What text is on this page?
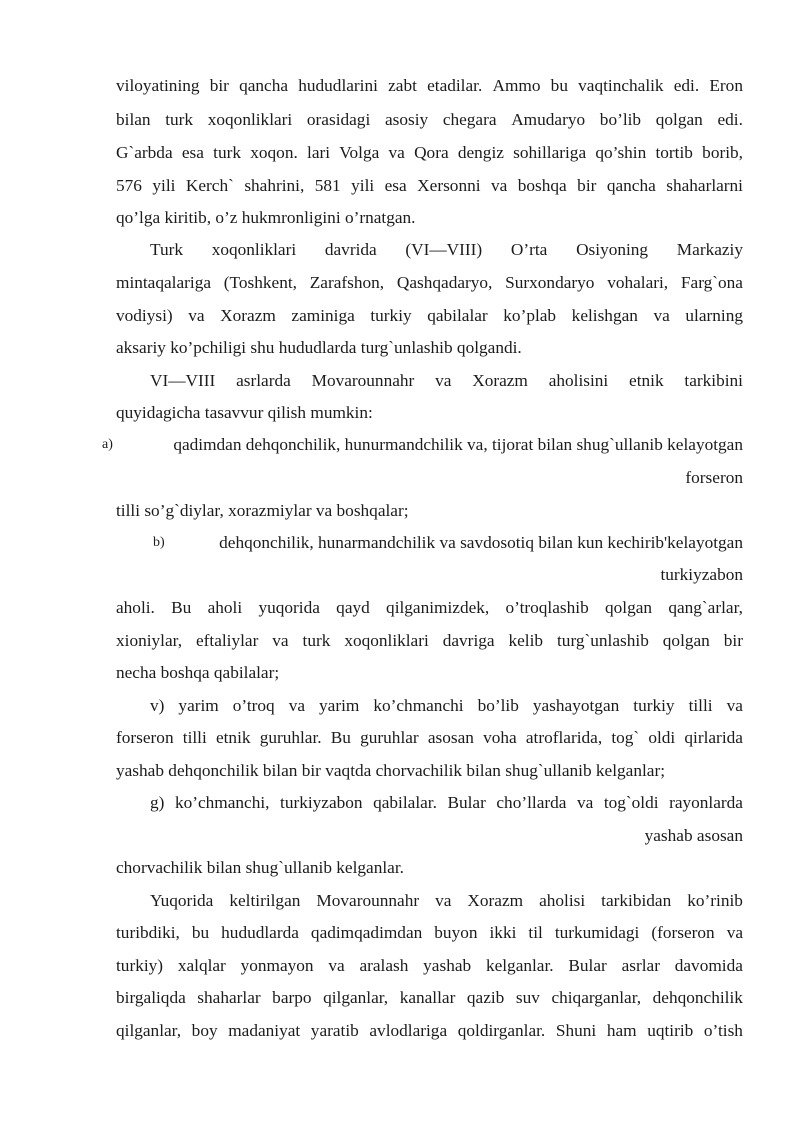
viloyatining bir qancha hududlarini zabt etadilar. Ammo bu vaqtinchalik edi. Eron
bilan turk xoqonliklari orasidagi asosiy chegara Amudaryo bo’lib qolgan edi.
G`arbda esa turk xoqon. lari Volga va Qora dengiz sohillariga qo’shin tortib borib,
576 yili Kerch` shahrini, 581 yili esa Xersonni va boshqa bir qancha shaharlarni
qo’lga kiritib, o’z hukmronligini o’rnatgan.
Turk xoqonliklari davrida (VI—VIII) O’rta Osiyoning Markaziy
mintaqalariga (Toshkent, Zarafshon, Qashqadaryo, Surxondaryo vohalari, Farg`ona
vodiysi) va Xorazm zaminiga turkiy qabilalar ko’plab kelishgan va ularning
aksariy ko’pchiligi shu hududlarda turg`unlashib qolgandi.
VI—VIII asrlarda Movarounnahr va Xorazm aholisini etnik tarkibini
quyidagicha tasavvur qilish mumkin:
a)	qadimdan dehqonchilik, hunurmandchilik va, tijorat bilan shug`ullanib kelayotgan
forseron
tilli so’g`diylar, xorazmiylar va boshqalar;
b)	dehqonchilik, hunarmandchilik va savdosotiq bilan kun kechirib'kelayotgan
turkiyzabon
aholi. Bu aholi yuqorida qayd qilganimizdek, o’troqlashib qolgan qang`arlar,
xioniylar, eftaliylar va turk xoqonliklari davriga kelib turg`unlashib qolgan bir
necha boshqa qabilalar;
v) yarim o’troq va yarim ko’chmanchi bo’lib yashayotgan turkiy tilli va
forseron tilli etnik guruhlar. Bu guruhlar asosan voha atroflarida, tog` oldi qirlarida
yashab dehqonchilik bilan bir vaqtda chorvachilik bilan shug`ullanib kelganlar;
g) ko’chmanchi, turkiyzabon qabilalar. Bular cho’llarda va tog`oldi rayonlarda
yashab asosan
chorvachilik bilan shug`ullanib kelganlar.
Yuqorida keltirilgan Movarounnahr va Xorazm aholisi tarkibidan ko’rinib
turibdiki, bu hududlarda qadimqadimdan buyon ikki til turkumidagi (forseron va
turkiy) xalqlar yonmayon va aralash yashab kelganlar. Bular asrlar davomida
birgaliqda shaharlar barpo qilganlar, kanallar qazib suv chiqarganlar, dehqonchilik
qilganlar, boy madaniyat yaratib avlodlariga qoldirganlar. Shuni ham uqtirib o’tish
